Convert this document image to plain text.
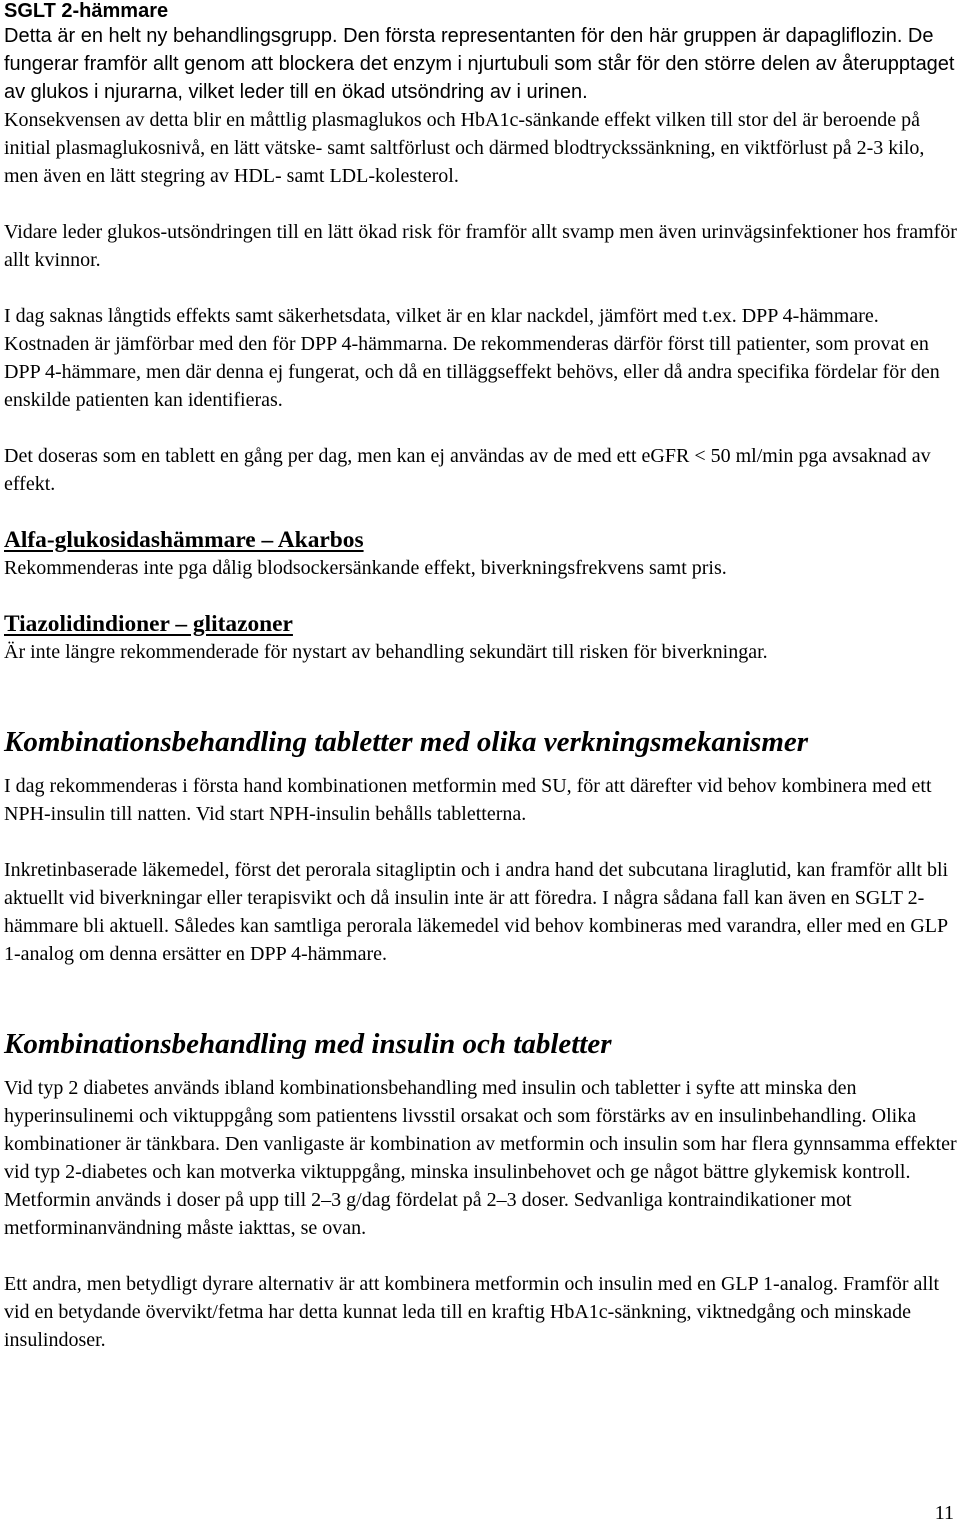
SGLT 2-hämmare

Detta är en helt ny behandlingsgrupp. Den första representanten för den här gruppen är dapagliflozin. De fungerar framför allt genom att blockera det enzym i njurtubuli som står för den större delen av återupptaget av glukos i njurarna, vilket leder till en ökad utsöndring av i urinen.

Konsekvensen av detta blir en måttlig plasmaglukos och HbA1c-sänkande effekt vilken till stor del är beroende på initial plasmaglukosnivå, en lätt vätske- samt saltförlust och därmed blodtryckssänkning, en viktförlust på 2-3 kilo, men även en lätt stegring av HDL- samt LDL-kolesterol.

Vidare leder glukos-utsöndringen till en lätt ökad risk för framför allt svamp men även urinvägsinfektioner hos framför allt kvinnor.

I dag saknas långtids effekts samt säkerhetsdata, vilket är en klar nackdel, jämfört med t.ex. DPP 4-hämmare. Kostnaden är jämförbar med den för DPP 4-hämmarna. De rekommenderas därför först till patienter, som provat en DPP 4-hämmare, men där denna ej fungerat, och då en tilläggseffekt behövs, eller då andra specifika fördelar för den enskilde patienten kan identifieras.

Det doseras som en tablett en gång per dag, men kan ej användas av de med ett eGFR < 50 ml/min pga avsaknad av effekt.

Alfa-glukosidashämmare – Akarbos

Rekommenderas inte pga dålig blodsockersänkande effekt, biverkningsfrekvens samt pris.

Tiazolidindioner – glitazoner

Är inte längre rekommenderade för nystart av behandling sekundärt till risken för biverkningar.

Kombinationsbehandling tabletter med olika verkningsmekanismer

I dag rekommenderas i första hand kombinationen metformin med SU, för att därefter vid behov kombinera med ett NPH-insulin till natten. Vid start NPH-insulin behålls tabletterna.

Inkretinbaserade läkemedel, först det perorala sitagliptin och i andra hand det subcutana liraglutid, kan framför allt bli aktuellt vid biverkningar eller terapisvikt och då insulin inte är att föredra. I några sådana fall kan även en SGLT 2-hämmare bli aktuell. Således kan samtliga perorala läkemedel vid behov kombineras med varandra, eller med en GLP 1-analog om denna ersätter en DPP 4-hämmare.

Kombinationsbehandling med insulin och tabletter

Vid typ 2 diabetes används ibland kombinationsbehandling med insulin och tabletter i syfte att minska den hyperinsulinemi och viktuppgång som patientens livsstil orsakat och som förstärks av en insulinbehandling. Olika kombinationer är tänkbara. Den vanligaste är kombination av metformin och insulin som har flera gynnsamma effekter vid typ 2-diabetes och kan motverka viktuppgång, minska insulinbehovet och ge något bättre glykemisk kontroll. Metformin används i doser på upp till 2–3 g/dag fördelat på 2–3 doser. Sedvanliga kontraindikationer mot metforminanvändning måste iakttas, se ovan.

Ett andra, men betydligt dyrare alternativ är att kombinera metformin och insulin med en GLP 1-analog. Framför allt vid en betydande övervikt/fetma har detta kunnat leda till en kraftig HbA1c-sänkning, viktnedgång och minskade insulindoser.

11
